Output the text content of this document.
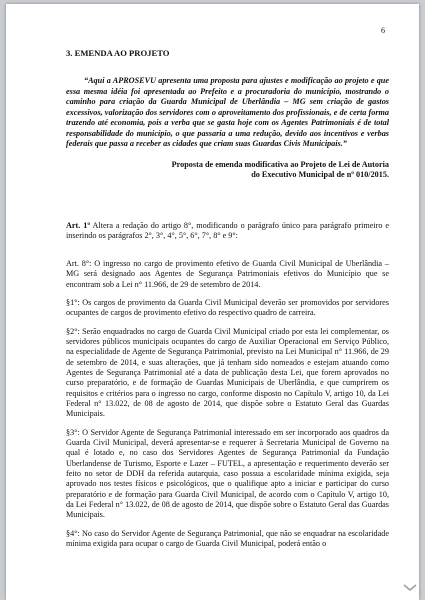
6
3. EMENDA AO PROJETO

“Aqui a APROSEVU apresenta uma proposta para ajustes e modificação ao projeto e que essa mesma idéia foi apresentada ao Prefeito e a procuradoria do município, mostrando o caminho para criação da Guarda Municipal de Uberlândia – MG sem criação de gastos excessivos, valorização dos servidores com o aproveitamento dos profissionais, e de certa forma trazendo até economia, pois a verba que se gasta hoje com os Agentes Patrimoniais é de total responsabilidade do município, o que passaria a uma redução, devido aos incentivos e verbas federais que passa a receber as cidades que criam suas Guardas Civis Municipais.”

Proposta de emenda modificativa ao Projeto de Lei de Autoria do Executivo Municipal de nº 010/2015.

Art. 1º Altera a redação do artigo 8°, modificando o parágrafo único para parágrafo primeiro e inserindo os parágrafos 2°, 3°, 4°, 5°, 6°, 7°, 8° e 9°:

Art. 8°: O ingresso no cargo de provimento efetivo de Guarda Civil Municipal de Uberlândia – MG será designado aos Agentes de Segurança Patrimoniais efetivos do Município que se encontram sob a Lei n° 11.966, de 29 de setembro de 2014.

§1°: Os cargos de provimento da Guarda Civil Municipal deverão ser promovidos por servidores ocupantes de cargos de provimento efetivo do respectivo quadro de carreira.

§2°: Serão enquadrados no cargo de Guarda Civil Municipal criado por esta lei complementar, os servidores públicos municipais ocupantes do cargo de Auxiliar Operacional em Serviço Público, na especialidade de Agente de Segurança Patrimonial, previsto na Lei Municipal n° 11.966, de 29 de setembro de 2014, e suas alterações, que já tenham sido nomeados e estejam atuando como Agentes de Segurança Patrimonial até a data de publicação desta Lei, que forem aprovados no curso preparatório, e de formação de Guardas Municipais de Uberlândia, e que cumprirem os requisitos e critérios para o ingresso no cargo, conforme disposto no Capítulo V, artigo 10, da Lei Federal n° 13.022, de 08 de agosto de 2014, que dispõe sobre o Estatuto Geral das Guardas Municipais.

§3°: O Servidor Agente de Segurança Patrimonial interessado em ser incorporado aos quadros da Guarda Civil Municipal, deverá apresentar-se e requerer à Secretaria Municipal de Governo na qual é lotado e, no caso dos Servidores Agentes de Segurança Patrimonial da Fundação Uberlandense de Turismo, Esporte e Lazer – FUTEL, a apresentação e requerimento deverão ser feito no setor de DDH da referida autarquia, caso possua a escolaridade mínima exigida, seja aprovado nos testes físicos e psicológicos, que o qualifique apto a iniciar e participar do curso preparatório e de formação para Guarda Civil Municipal, de acordo com o Capítulo V, artigo 10, da Lei Federal n° 13.022, de 08 de agosto de 2014, que dispõe sobre o Estatuto Geral das Guardas Municipais.

§4°: No caso do Servidor Agente de Segurança Patrimonial, que não se enquadrar na escolaridade mínima exigida para ocupar o cargo de Guarda Civil Municipal, poderá então o
